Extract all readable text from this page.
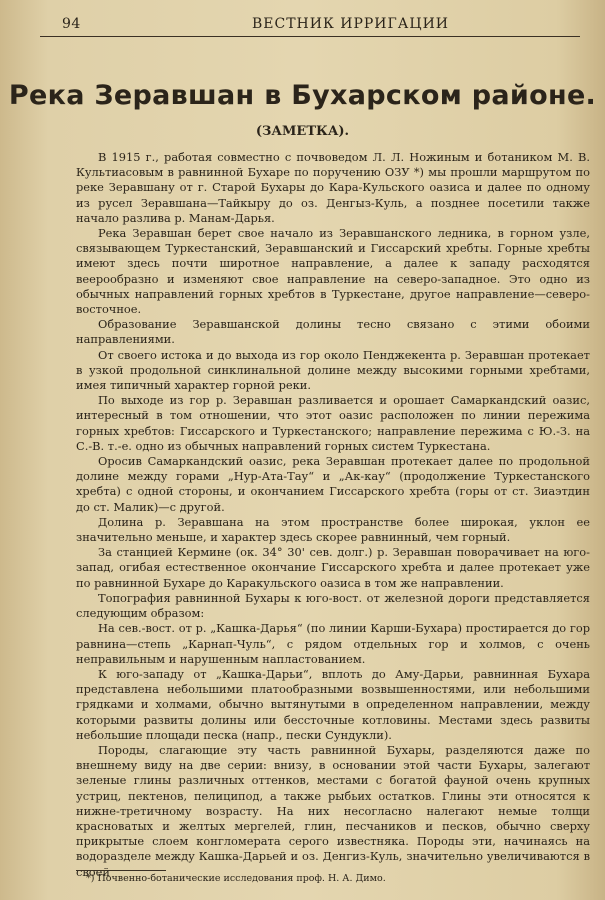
94	ВЕСТНИК ИРРИГАЦИИ
Река Зеравшан в Бухарском районе.
(ЗАМЕТКА).

В 1915 г., работая совместно с почвоведом Л. Л. Ножиным и ботаником М. В. Культиасовым в равнинной Бухаре по поручению ОЗУ *) мы прошли маршрутом по реке Зеравшану от г. Старой Бухары до Кара-Кульского оазиса и далее по одному из русел Зеравшана—Тайкыру до оз. Денгыз-Куль, а позднее посетили также начало разлива р. Манам-Дарья.

Река Зеравшан берет свое начало из Зеравшанского ледника, в горном узле, связывающем Туркестанский, Зеравшанский и Гиссарский хребты. Горные хребты имеют здесь почти широтное направление, а далее к западу расходятся веерообразно и изменяют свое направление на северо-западное. Это одно из обычных направлений горных хребтов в Туркестане, другое направление—северо-восточное.

Образование Зеравшанской долины тесно связано с этими обоими направлениями.

От своего истока и до выхода из гор около Пенджекента р. Зеравшан протекает в узкой продольной синклинальной долине между высокими горными хребтами, имея типичный характер горной реки.

По выходе из гор р. Зеравшан разливается и орошает Самаркандский оазис, интересный в том отношении, что этот оазис расположен по линии пережима горных хребтов: Гиссарского и Туркестанского; направление пережима с Ю.-З. на С.-В. т.-е. одно из обычных направлений горных систем Туркестана.

Оросив Самаркандский оазис, река Зеравшан протекает далее по продольной долине между горами „Нур-Ата-Тау“ и „Ак-кау“ (продолжение Туркестанского хребта) с одной стороны, и окончанием Гиссарского хребта (горы от ст. Зиаэтдин до ст. Малик)—с другой.

Долина р. Зеравшана на этом пространстве более широкая, уклон ее значительно меньше, и характер здесь скорее равнинный, чем горный.

За станцией Кермине (ок. 34° 30' сев. долг.) р. Зеравшан поворачивает на юго-запад, огибая естественное окончание Гиссарского хребта и далее протекает уже по равнинной Бухаре до Каракульского оазиса в том же направлении.

Топография равнинной Бухары к юго-вост. от железной дороги представляется следующим образом:

На сев.-вост. от р. „Кашка-Дарья“ (по линии Карши-Бухара) простирается до гор равнина—степь „Карнап-Чуль“, с рядом отдельных гор и холмов, с очень неправильным и нарушенным напластованием.

К юго-западу от „Кашка-Дарьи“, вплоть до Аму-Дарьи, равнинная Бухара представлена небольшими платообразными возвышенностями, или небольшими грядками и холмами, обычно вытянутыми в определенном направлении, между которыми развиты долины или бессточные котловины. Местами здесь развиты небольшие площади песка (напр., пески Сундукли).

Породы, слагающие эту часть равнинной Бухары, разделяются даже по внешнему виду на две серии: внизу, в основании этой части Бухары, залегают зеленые глины различных оттенков, местами с богатой фауной очень крупных устриц, пектенов, пелиципод, а также рыбьих остатков. Глины эти относятся к нижне-третичному возрасту. На них несогласно налегают немые толщи красноватых и желтых мергелей, глин, песчаников и песков, обычно сверху прикрытые слоем конгломерата серого известняка. Породы эти, начинаясь на водоразделе между Кашка-Дарьей и оз. Денгиз-Куль, значительно увеличиваются в своей

*) Почвенно-ботанические исследования проф. Н. А. Димо.
